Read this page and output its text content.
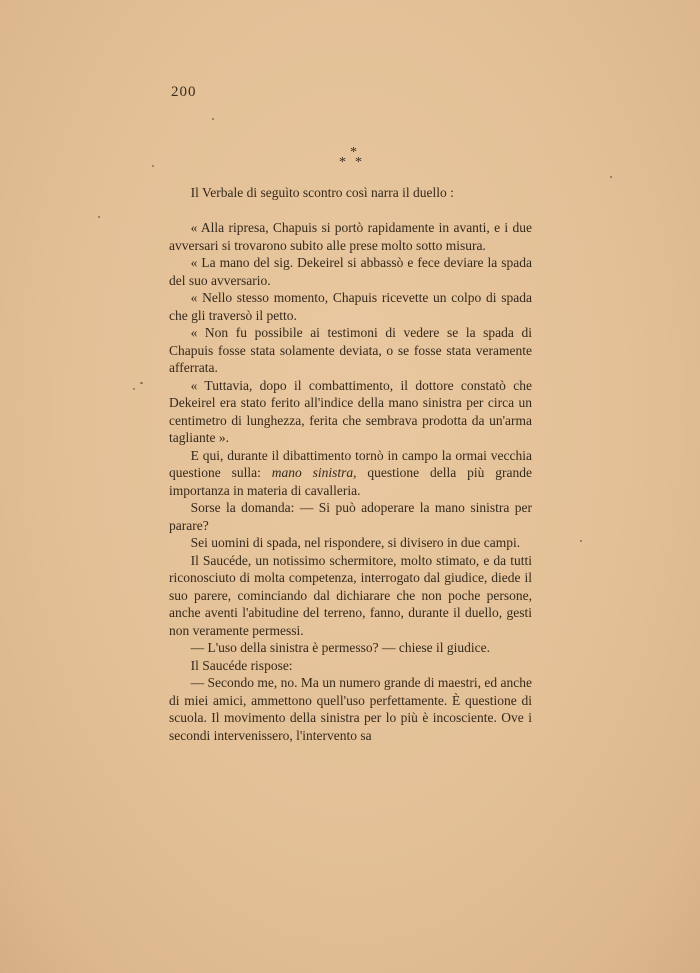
200
*
**

Il Verbale di seguìto scontro così narra il duello :

« Alla ripresa, Chapuis si portò rapidamente in avanti, e i due avversari si trovarono subito alle prese molto sotto misura.

« La mano del sig. Dekeirel si abbassò e fece deviare la spada del suo avversario.

« Nello stesso momento, Chapuis ricevette un colpo di spada che gli traversò il petto.

« Non fu possibile ai testimoni di vedere se la spada di Chapuis fosse stata solamente deviata, o se fosse stata veramente afferrata.

« Tuttavia, dopo il combattimento, il dottore constatò che Dekeirel era stato ferito all'indice della mano sinistra per circa un centimetro di lunghezza, ferita che sembrava prodotta da un'arma tagliante ».

E qui, durante il dibattimento tornò in campo la ormai vecchia questione sulla: mano sinistra, questione della più grande importanza in materia di cavalleria.

Sorse la domanda: — Si può adoperare la mano sinistra per parare?

Sei uomini di spada, nel rispondere, si divisero in due campi.

Il Saucéde, un notissimo schermitore, molto stimato, e da tutti riconosciuto di molta competenza, interrogato dal giudice, diede il suo parere, cominciando dal dichiarare che non poche persone, anche aventi l'abitudine del terreno, fanno, durante il duello, gesti non veramente permessi.

— L'uso della sinistra è permesso? — chiese il giudice.

Il Saucéde rispose:

— Secondo me, no. Ma un numero grande di maestri, ed anche di miei amici, ammettono quell'uso perfettamente. È questione di scuola. Il movimento della sinistra per lo più è incosciente. Ove i secondi intervenissero, l'intervento sa
